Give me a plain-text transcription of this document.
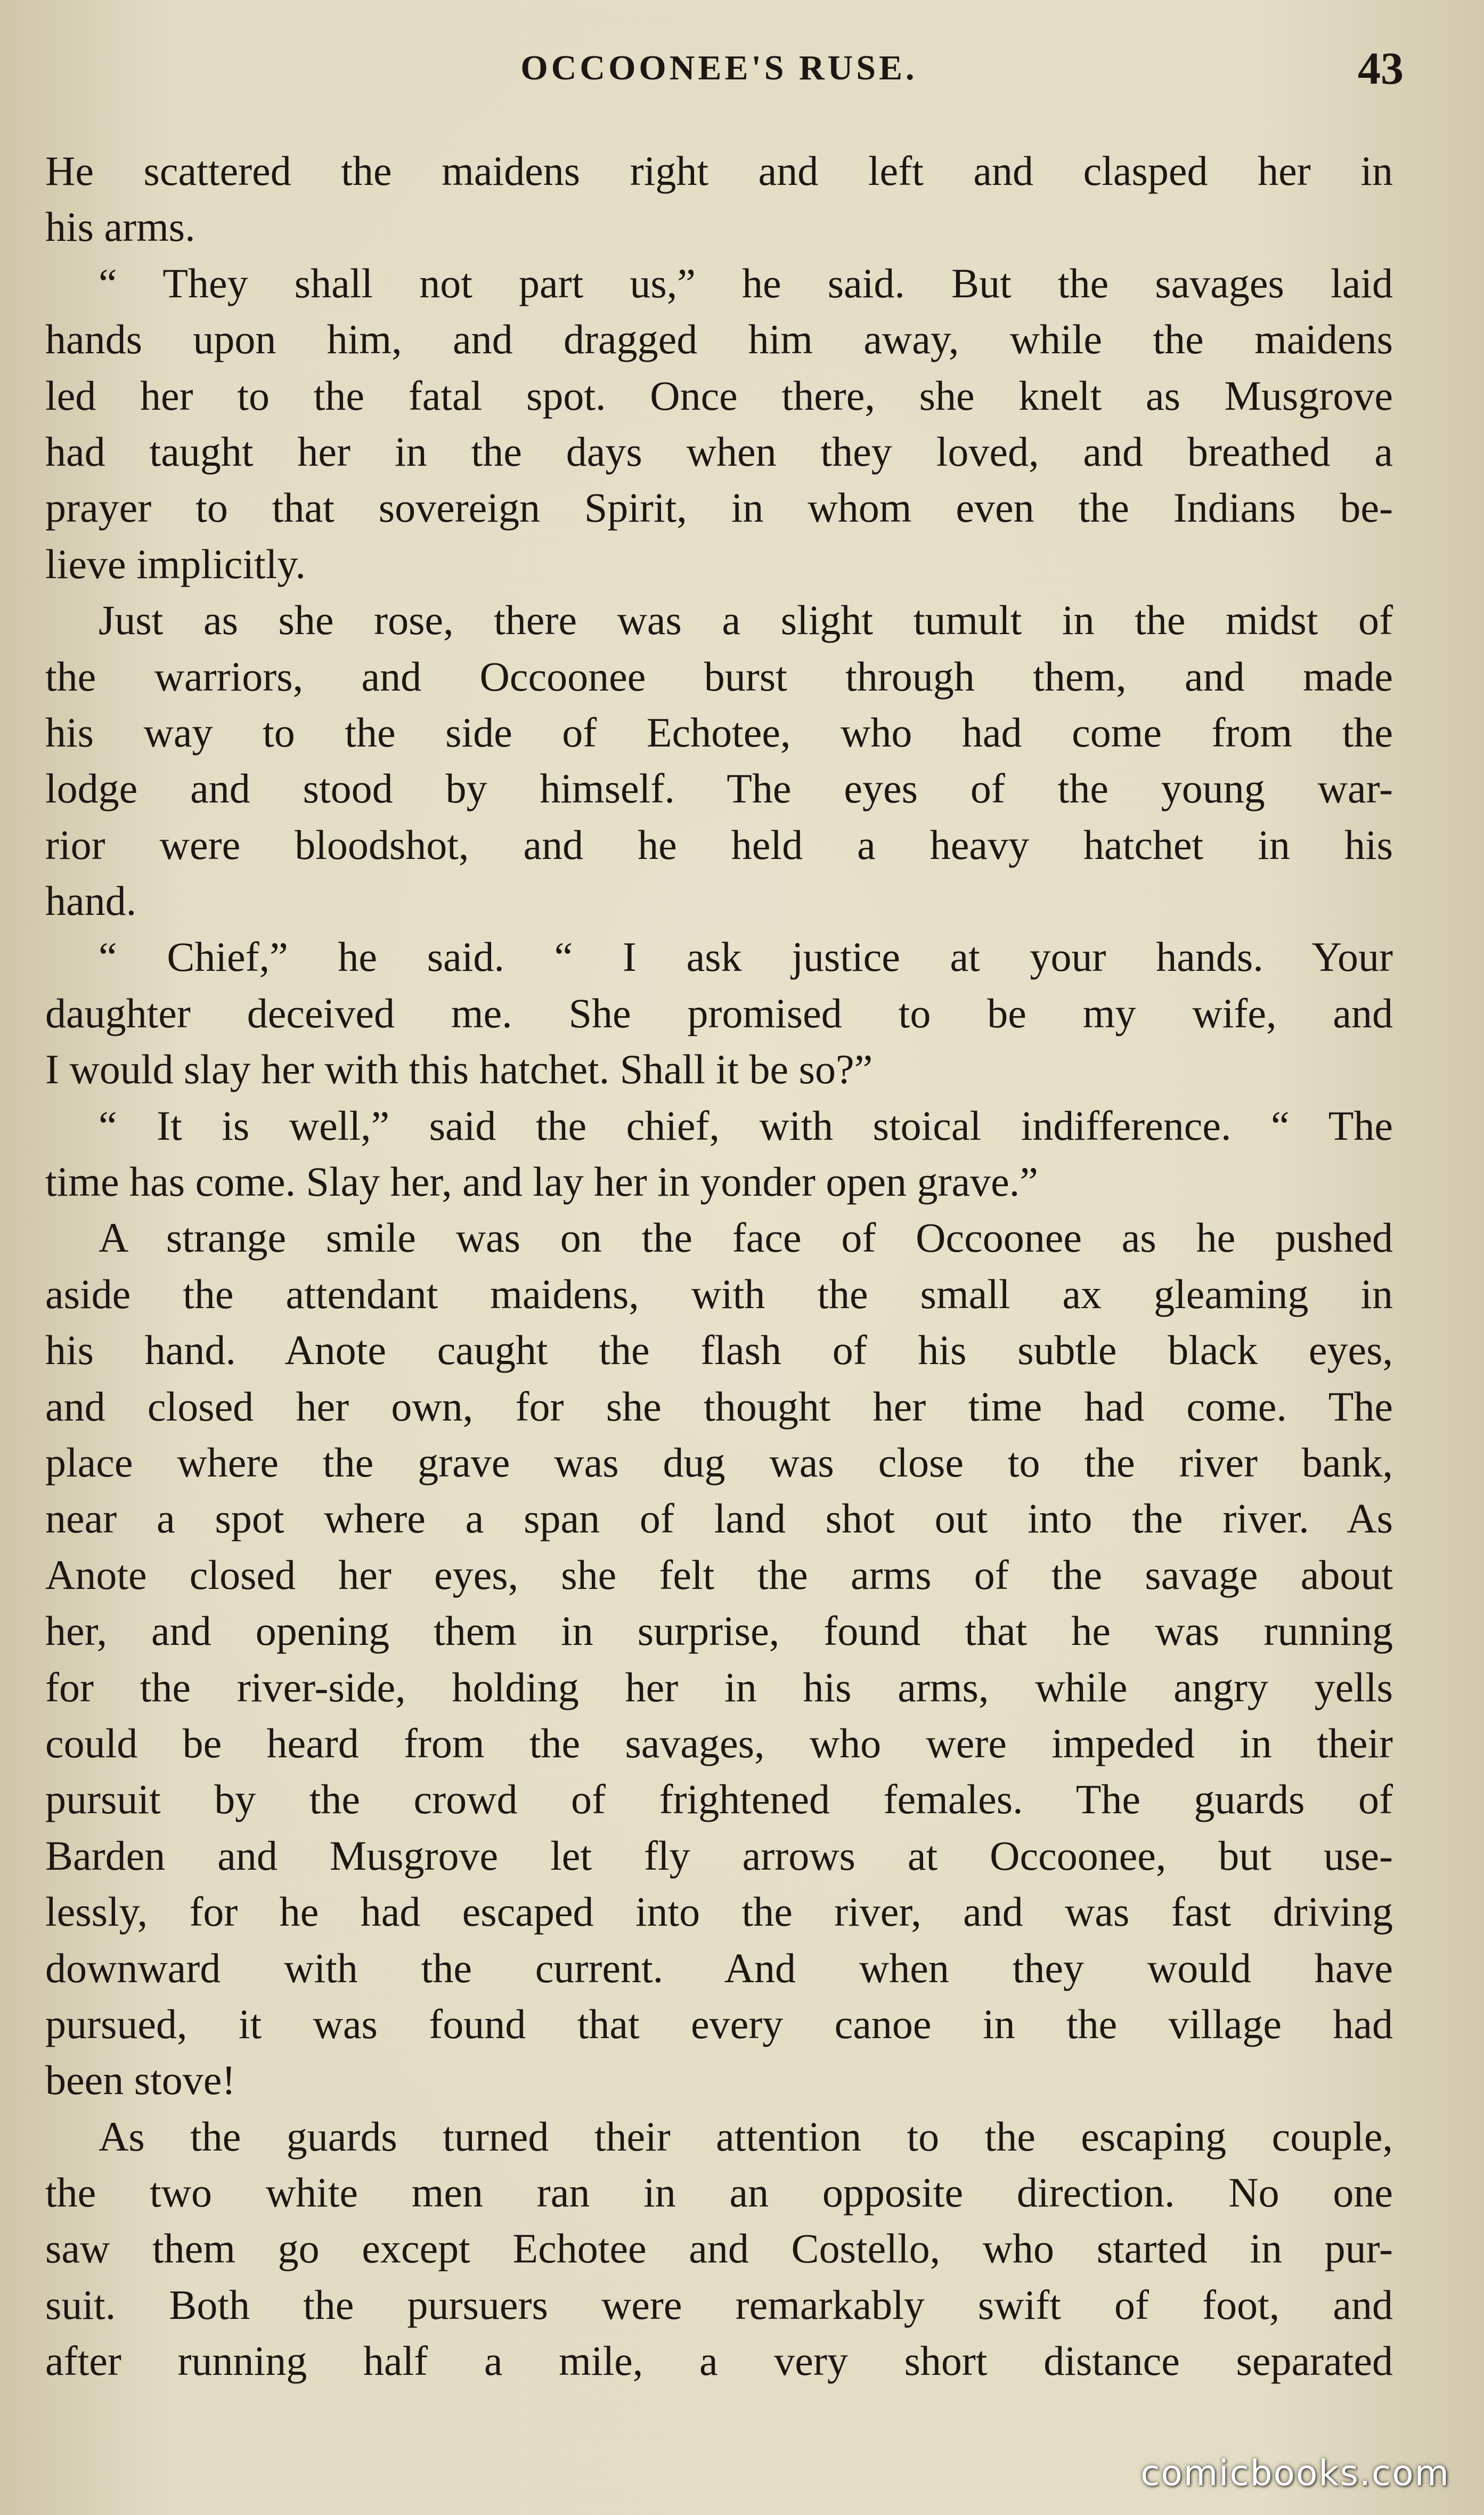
OCCOONEE'S RUSE.	43
He scattered the maidens right and left and clasped her in
his arms.
“ They shall not part us,” he said. But the savages laid
hands upon him, and dragged him away, while the maidens
led her to the fatal spot. Once there, she knelt as Musgrove
had taught her in the days when they loved, and breathed a
prayer to that sovereign Spirit, in whom even the Indians be-
lieve implicitly.
Just as she rose, there was a slight tumult in the midst of
the warriors, and Occoonee burst through them, and made
his way to the side of Echotee, who had come from the
lodge and stood by himself. The eyes of the young war-
rior were bloodshot, and he held a heavy hatchet in his
hand.
“ Chief,” he said. “ I ask justice at your hands. Your
daughter deceived me. She promised to be my wife, and
I would slay her with this hatchet. Shall it be so?”
“ It is well,” said the chief, with stoical indifference. “ The
time has come. Slay her, and lay her in yonder open grave.”
A strange smile was on the face of Occoonee as he pushed
aside the attendant maidens, with the small ax gleaming in
his hand. Anote caught the flash of his subtle black eyes,
and closed her own, for she thought her time had come. The
place where the grave was dug was close to the river bank,
near a spot where a span of land shot out into the river. As
Anote closed her eyes, she felt the arms of the savage about
her, and opening them in surprise, found that he was running
for the river-side, holding her in his arms, while angry yells
could be heard from the savages, who were impeded in their
pursuit by the crowd of frightened females. The guards of
Barden and Musgrove let fly arrows at Occoonee, but use-
lessly, for he had escaped into the river, and was fast driving
downward with the current. And when they would have
pursued, it was found that every canoe in the village had
been stove!
As the guards turned their attention to the escaping couple,
the two white men ran in an opposite direction. No one
saw them go except Echotee and Costello, who started in pur-
suit. Both the pursuers were remarkably swift of foot, and
after running half a mile, a very short distance separated
comicbooks.com
